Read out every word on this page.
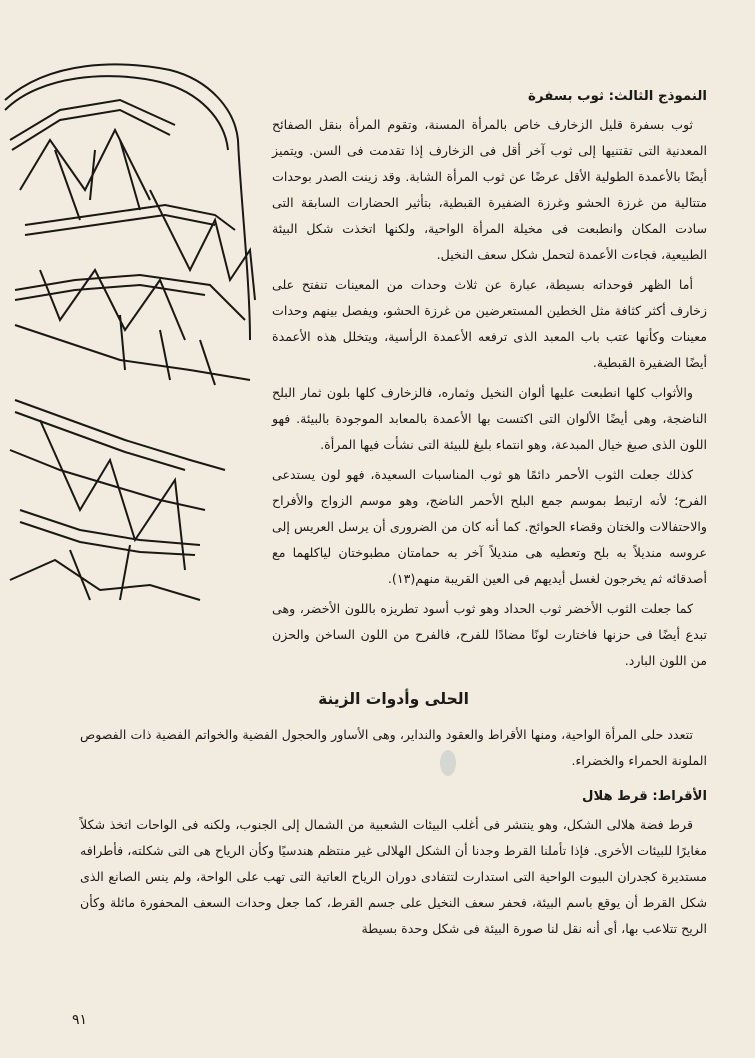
النموذج الثالث: ثوب بسفرة

ثوب بسفرة قليل الزخارف خاص بالمرأة المسنة، وتقوم المرأة بنقل الصفائح المعدنية التى تقتنيها إلى ثوب آخر أقل فى الزخارف إذا تقدمت فى السن. ويتميز أيضًا بالأعمدة الطولية الأقل عرضًا عن ثوب المرأة الشابة. وقد زينت الصدر بوحدات متتالية من غرزة الحشو وغرزة الضفيرة القبطية، بتأثير الحضارات السابقة التى سادت المكان وانطبعت فى مخيلة المرأة الواحية، ولكنها اتخذت شكل البيئة الطبيعية، فجاءت الأعمدة لتحمل شكل سعف النخيل.

أما الظهر فوحداته بسيطة، عبارة عن ثلاث وحدات من المعينات تنفتح على زخارف أكثر كثافة مثل الخطين المستعرضين من غرزة الحشو، ويفصل بينهم وحدات معينات وكأنها عتب باب المعبد الذى ترفعه الأعمدة الرأسية، ويتخلل هذه الأعمدة أيضًا الضفيرة القبطية.

والأثواب كلها انطبعت عليها ألوان النخيل وثماره، فالزخارف كلها بلون ثمار البلح الناضجة، وهى أيضًا الألوان التى اكتست بها الأعمدة بالمعابد الموجودة بالبيئة. فهو اللون الذى صبغ خيال المبدعة، وهو انتماء بليغ للبيئة التى نشأت فيها المرأة.

كذلك جعلت الثوب الأحمر دائمًا هو ثوب المناسبات السعيدة، فهو لون يستدعى الفرح؛ لأنه ارتبط بموسم جمع البلح الأحمر الناضج، وهو موسم الزواج والأفراح والاحتفالات والختان وقضاء الحوائج. كما أنه كان من الضرورى أن يرسل العريس إلى عروسه منديلاً به بلح وتعطيه هى منديلاً آخر به حمامتان مطبوختان لياكلهما مع أصدقائه ثم يخرجون لغسل أيديهم فى العين القريبة منهم(١٣).

كما جعلت الثوب الأخضر ثوب الحداد وهو ثوب أسود تطريزه باللون الأخضر، وهى تبدع أيضًا فى حزنها فاختارت لونًا مضادًا للفرح، فالفرح من اللون الساخن والحزن من اللون البارد.

الحلى وأدوات الزينة

تتعدد حلى المرأة الواحية، ومنها الأقراط والعقود والنداير، وهى الأساور والحجول الفضية والخواتم الفضية ذات الفصوص الملونة الحمراء والخضراء.

الأقراط: قرط هلال

قرط فضة هلالى الشكل، وهو ينتشر فى أغلب البيئات الشعبية من الشمال إلى الجنوب، ولكنه فى الواحات اتخذ شكلاً مغايرًا للبيئات الأخرى. فإذا تأملنا القرط وجدنا أن الشكل الهلالى غير منتظم هندسيًا وكأن الرياح هى التى شكلته، فأطرافه مستديرة كجدران البيوت الواحية التى استدارت لتتفادى دوران الرياح العاتية التى تهب على الواحة، ولم ينس الصانع الذى شكل القرط أن يوقع باسم البيئة، فحفر سعف النخيل على جسم القرط، كما جعل وحدات السعف المحفورة مائلة وكأن الريح تتلاعب بها، أى أنه نقل لنا صورة البيئة فى شكل وحدة بسيطة

٩١
